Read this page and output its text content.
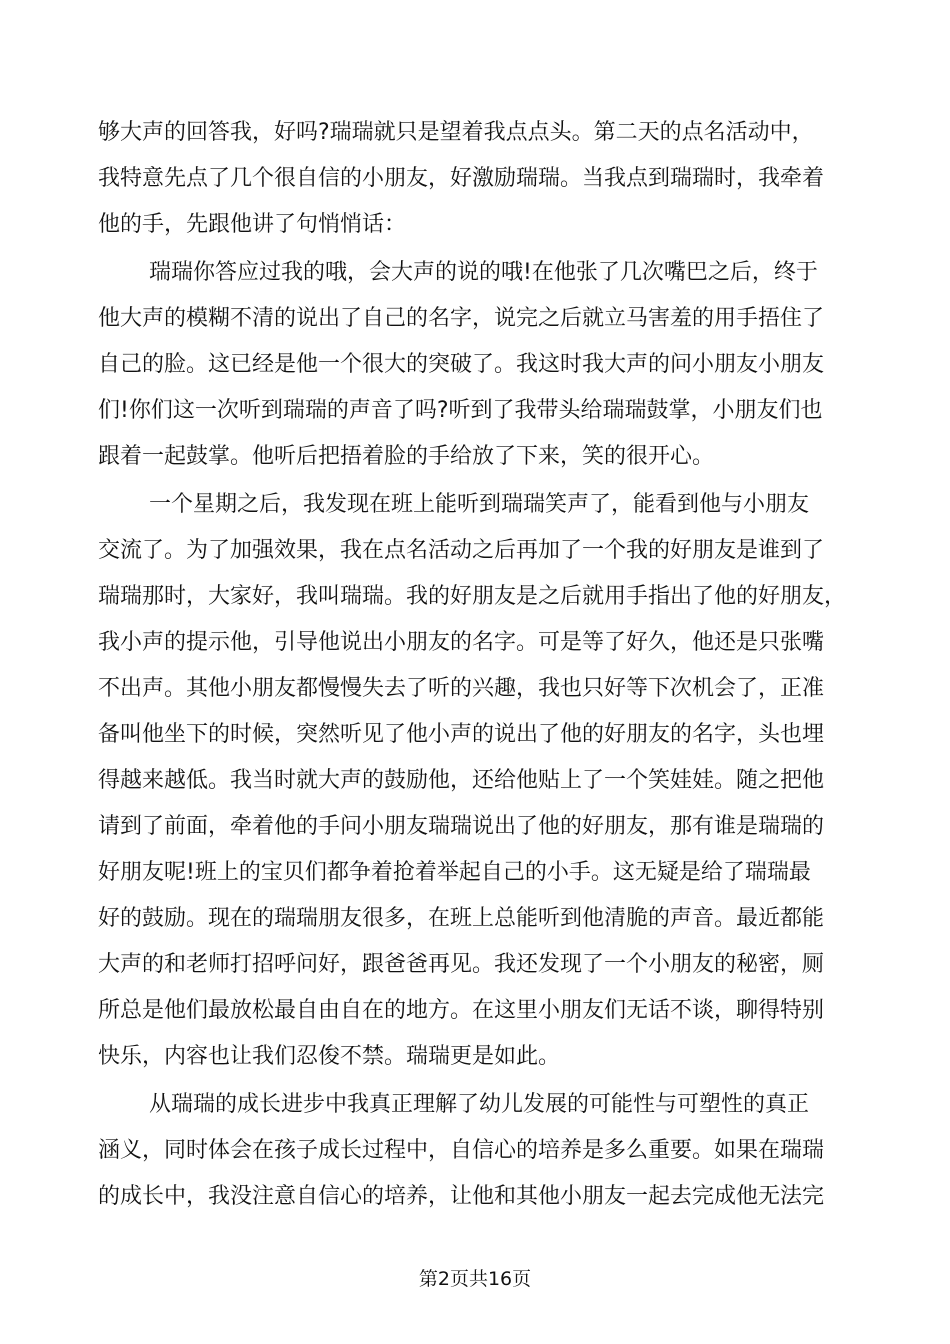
够大声的回答我，好吗?瑞瑞就只是望着我点点头。第二天的点名活动中，
我特意先点了几个很自信的小朋友，好激励瑞瑞。当我点到瑞瑞时，我牵着
他的手，先跟他讲了句悄悄话：
瑞瑞你答应过我的哦，会大声的说的哦!在他张了几次嘴巴之后，终于
他大声的模糊不清的说出了自己的名字，说完之后就立马害羞的用手捂住了
自己的脸。这已经是他一个很大的突破了。我这时我大声的问小朋友小朋友
们!你们这一次听到瑞瑞的声音了吗?听到了我带头给瑞瑞鼓掌，小朋友们也
跟着一起鼓掌。他听后把捂着脸的手给放了下来，笑的很开心。
一个星期之后，我发现在班上能听到瑞瑞笑声了，能看到他与小朋友
交流了。为了加强效果，我在点名活动之后再加了一个我的好朋友是谁到了
瑞瑞那时，大家好，我叫瑞瑞。我的好朋友是之后就用手指出了他的好朋友，
我小声的提示他，引导他说出小朋友的名字。可是等了好久，他还是只张嘴
不出声。其他小朋友都慢慢失去了听的兴趣，我也只好等下次机会了，正准
备叫他坐下的时候，突然听见了他小声的说出了他的好朋友的名字，头也埋
得越来越低。我当时就大声的鼓励他，还给他贴上了一个笑娃娃。随之把他
请到了前面，牵着他的手问小朋友瑞瑞说出了他的好朋友，那有谁是瑞瑞的
好朋友呢!班上的宝贝们都争着抢着举起自己的小手。这无疑是给了瑞瑞最
好的鼓励。现在的瑞瑞朋友很多，在班上总能听到他清脆的声音。最近都能
大声的和老师打招呼问好，跟爸爸再见。我还发现了一个小朋友的秘密，厕
所总是他们最放松最自由自在的地方。在这里小朋友们无话不谈，聊得特别
快乐，内容也让我们忍俊不禁。瑞瑞更是如此。
从瑞瑞的成长进步中我真正理解了幼儿发展的可能性与可塑性的真正
涵义，同时体会在孩子成长过程中，自信心的培养是多么重要。如果在瑞瑞
的成长中，我没注意自信心的培养，让他和其他小朋友一起去完成他无法完
第2页共16页
